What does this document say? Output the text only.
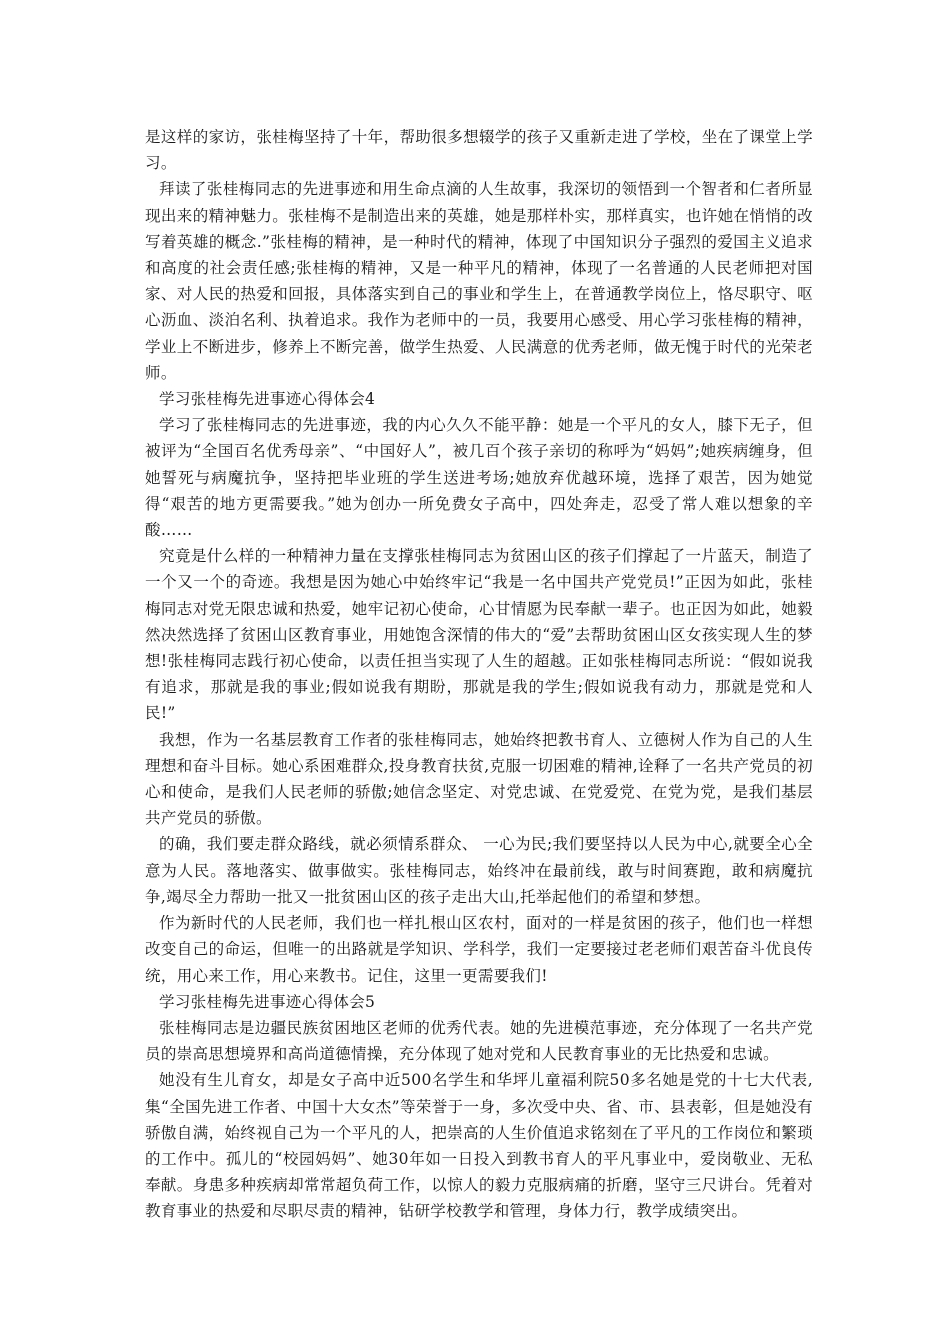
是这样的家访，张桂梅坚持了十年，帮助很多想辍学的孩子又重新走进了学校，坐在了课堂上学习。

拜读了张桂梅同志的先进事迹和用生命点滴的人生故事，我深切的领悟到一个智者和仁者所显现出来的精神魅力。张桂梅不是制造出来的英雄，她是那样朴实，那样真实，也许她在悄悄的改写着英雄的概念.”张桂梅的精神，是一种时代的精神，体现了中国知识分子强烈的爱国主义追求和高度的社会责任感;张桂梅的精神，又是一种平凡的精神，体现了一名普通的人民老师把对国家、对人民的热爱和回报，具体落实到自己的事业和学生上，在普通教学岗位上，恪尽职守、呕心沥血、淡泊名利、执着追求。我作为老师中的一员，我要用心感受、用心学习张桂梅的精神，学业上不断进步，修养上不断完善，做学生热爱、人民满意的优秀老师，做无愧于时代的光荣老师。

学习张桂梅先进事迹心得体会4

学习了张桂梅同志的先进事迹，我的内心久久不能平静：她是一个平凡的女人，膝下无子，但被评为“全国百名优秀母亲”、“中国好人”，被几百个孩子亲切的称呼为“妈妈”;她疾病缠身，但她誓死与病魔抗争，坚持把毕业班的学生送进考场;她放弃优越环境，选择了艰苦，因为她觉得“艰苦的地方更需要我。”她为创办一所免费女子高中，四处奔走，忍受了常人难以想象的辛酸……

究竟是什么样的一种精神力量在支撑张桂梅同志为贫困山区的孩子们撑起了一片蓝天，制造了一个又一个的奇迹。我想是因为她心中始终牢记“我是一名中国共产党党员!”正因为如此，张桂梅同志对党无限忠诚和热爱，她牢记初心使命，心甘情愿为民奉献一辈子。也正因为如此，她毅然决然选择了贫困山区教育事业，用她饱含深情的伟大的“爱”去帮助贫困山区女孩实现人生的梦想!张桂梅同志践行初心使命，以责任担当实现了人生的超越。正如张桂梅同志所说：“假如说我有追求，那就是我的事业;假如说我有期盼，那就是我的学生;假如说我有动力，那就是党和人民!”

我想，作为一名基层教育工作者的张桂梅同志，她始终把教书育人、立德树人作为自己的人生理想和奋斗目标。她心系困难群众,投身教育扶贫,克服一切困难的精神,诠释了一名共产党员的初心和使命，是我们人民老师的骄傲;她信念坚定、对党忠诚、在党爱党、在党为党，是我们基层共产党员的骄傲。

的确，我们要走群众路线，就必须情系群众、 一心为民;我们要坚持以人民为中心,就要全心全意为人民。落地落实、做事做实。张桂梅同志，始终冲在最前线，敢与时间赛跑，敢和病魔抗争,竭尽全力帮助一批又一批贫困山区的孩子走出大山,托举起他们的希望和梦想。

作为新时代的人民老师，我们也一样扎根山区农村，面对的一样是贫困的孩子，他们也一样想改变自己的命运，但唯一的出路就是学知识、学科学，我们一定要接过老老师们艰苦奋斗优良传统，用心来工作，用心来教书。记住，这里一更需要我们!

学习张桂梅先进事迹心得体会5

张桂梅同志是边疆民族贫困地区老师的优秀代表。她的先进模范事迹，充分体现了一名共产党员的崇高思想境界和高尚道德情操，充分体现了她对党和人民教育事业的无比热爱和忠诚。

她没有生儿育女，却是女子高中近500名学生和华坪儿童福利院50多名她是党的十七大代表,集“全国先进工作者、中国十大女杰”等荣誉于一身，多次受中央、省、市、县表彰，但是她没有骄傲自满，始终视自己为一个平凡的人，把崇高的人生价值追求铭刻在了平凡的工作岗位和繁琐的工作中。孤儿的“校园妈妈”、她30年如一日投入到教书育人的平凡事业中，爱岗敬业、无私奉献。身患多种疾病却常常超负荷工作，以惊人的毅力克服病痛的折磨，坚守三尺讲台。凭着对教育事业的热爱和尽职尽责的精神，钻研学校教学和管理，身体力行，教学成绩突出。
